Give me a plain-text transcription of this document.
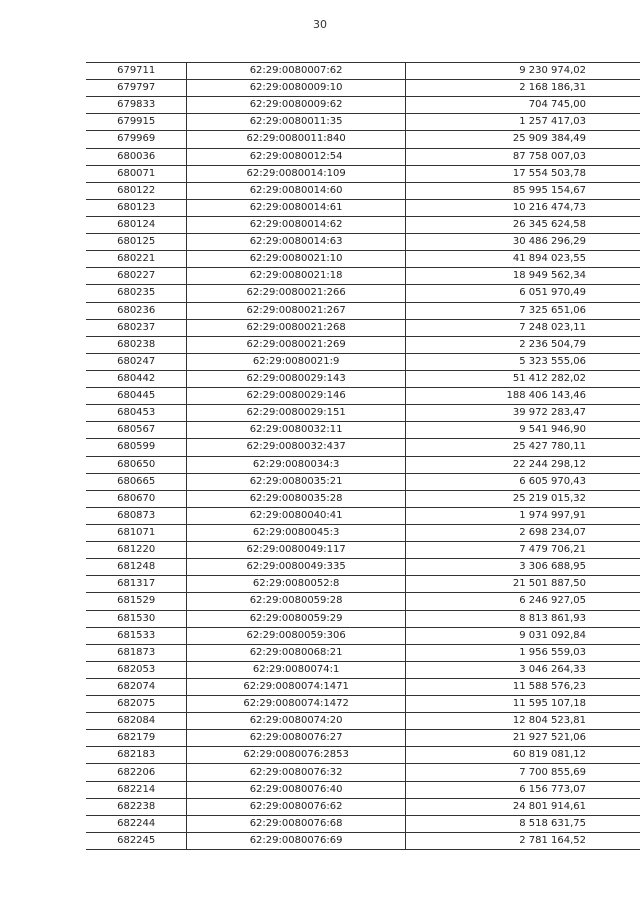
30
679711	62:29:0080007:62	9 230 974,02
679797	62:29:0080009:10	2 168 186,31
679833	62:29:0080009:62	704 745,00
679915	62:29:0080011:35	1 257 417,03
679969	62:29:0080011:840	25 909 384,49
680036	62:29:0080012:54	87 758 007,03
680071	62:29:0080014:109	17 554 503,78
680122	62:29:0080014:60	85 995 154,67
680123	62:29:0080014:61	10 216 474,73
680124	62:29:0080014:62	26 345 624,58
680125	62:29:0080014:63	30 486 296,29
680221	62:29:0080021:10	41 894 023,55
680227	62:29:0080021:18	18 949 562,34
680235	62:29:0080021:266	6 051 970,49
680236	62:29:0080021:267	7 325 651,06
680237	62:29:0080021:268	7 248 023,11
680238	62:29:0080021:269	2 236 504,79
680247	62:29:0080021:9	5 323 555,06
680442	62:29:0080029:143	51 412 282,02
680445	62:29:0080029:146	188 406 143,46
680453	62:29:0080029:151	39 972 283,47
680567	62:29:0080032:11	9 541 946,90
680599	62:29:0080032:437	25 427 780,11
680650	62:29:0080034:3	22 244 298,12
680665	62:29:0080035:21	6 605 970,43
680670	62:29:0080035:28	25 219 015,32
680873	62:29:0080040:41	1 974 997,91
681071	62:29:0080045:3	2 698 234,07
681220	62:29:0080049:117	7 479 706,21
681248	62:29:0080049:335	3 306 688,95
681317	62:29:0080052:8	21 501 887,50
681529	62:29:0080059:28	6 246 927,05
681530	62:29:0080059:29	8 813 861,93
681533	62:29:0080059:306	9 031 092,84
681873	62:29:0080068:21	1 956 559,03
682053	62:29:0080074:1	3 046 264,33
682074	62:29:0080074:1471	11 588 576,23
682075	62:29:0080074:1472	11 595 107,18
682084	62:29:0080074:20	12 804 523,81
682179	62:29:0080076:27	21 927 521,06
682183	62:29:0080076:2853	60 819 081,12
682206	62:29:0080076:32	7 700 855,69
682214	62:29:0080076:40	6 156 773,07
682238	62:29:0080076:62	24 801 914,61
682244	62:29:0080076:68	8 518 631,75
682245	62:29:0080076:69	2 781 164,52
